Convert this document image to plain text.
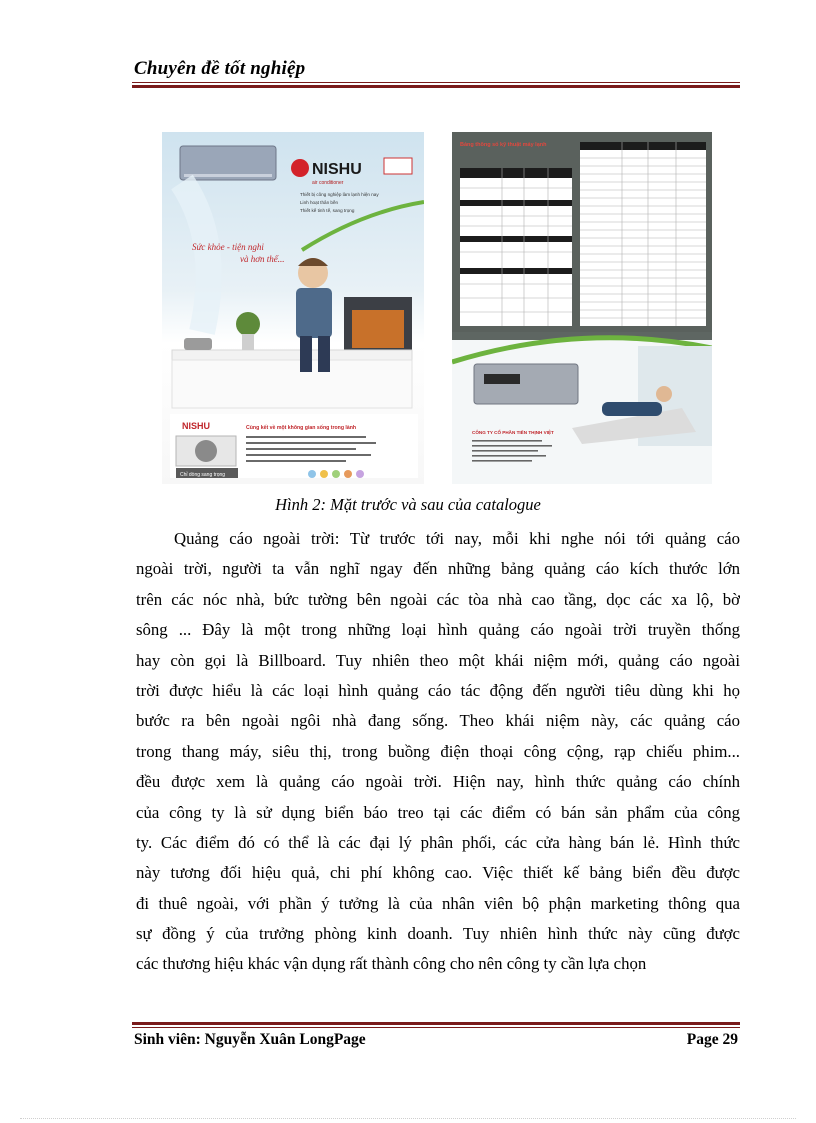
Chuyên đề tốt nghiệp
NISHU
air conditioner
Thiết bị công nghiệp làm lạnh hiện nay
Linh hoạt thân bền
Thiết kế tinh tế, sang trọng
Sức khỏe - tiện nghi
và hơn thế...
NISHU	Cùng kết về một không gian sống trong lành
Chỉ dòng sang trọng
Bảng thông số kỹ thuật máy lạnh
CÔNG TY CỔ PHẦN TIẾN THỊNH VIỆT
Hình 2: Mặt trước và sau của catalogue
Quảng cáo ngoài trời: Từ trước tới nay, mỗi khi nghe nói tới quảng cáo
ngoài trời, người ta vẫn nghĩ ngay đến những bảng quảng cáo kích thước lớn
trên các nóc nhà, bức tường bên ngoài các tòa nhà cao tầng, dọc các xa lộ, bờ
sông ... Đây là một trong những loại hình quảng cáo ngoài trời truyền thống
hay còn gọi là Billboard. Tuy nhiên theo một khái niệm mới, quảng cáo ngoài
trời được hiểu là các loại hình quảng cáo tác động đến người tiêu dùng khi họ
bước ra bên ngoài ngôi nhà đang sống. Theo khái niệm này, các quảng cáo
trong thang máy, siêu thị, trong buồng điện thoại công cộng, rạp chiếu phim...
đều được xem là quảng cáo ngoài trời. Hiện nay, hình thức quảng cáo chính
của công ty là sử dụng biển báo treo tại các điểm có bán sản phẩm của công
ty. Các điểm đó có thể là các đại lý phân phối, các cửa hàng bán lẻ. Hình thức
này tương đối hiệu quả, chi phí không cao. Việc thiết kế bảng biển đều được
đi thuê ngoài, với phần ý tưởng là của nhân viên bộ phận marketing thông qua
sự đồng ý của trưởng phòng kinh doanh. Tuy nhiên hình thức này cũng được
các thương hiệu khác vận dụng rất thành công cho nên công ty cần lựa chọn
Sinh viên: Nguyễn Xuân LongPage	Page 29
